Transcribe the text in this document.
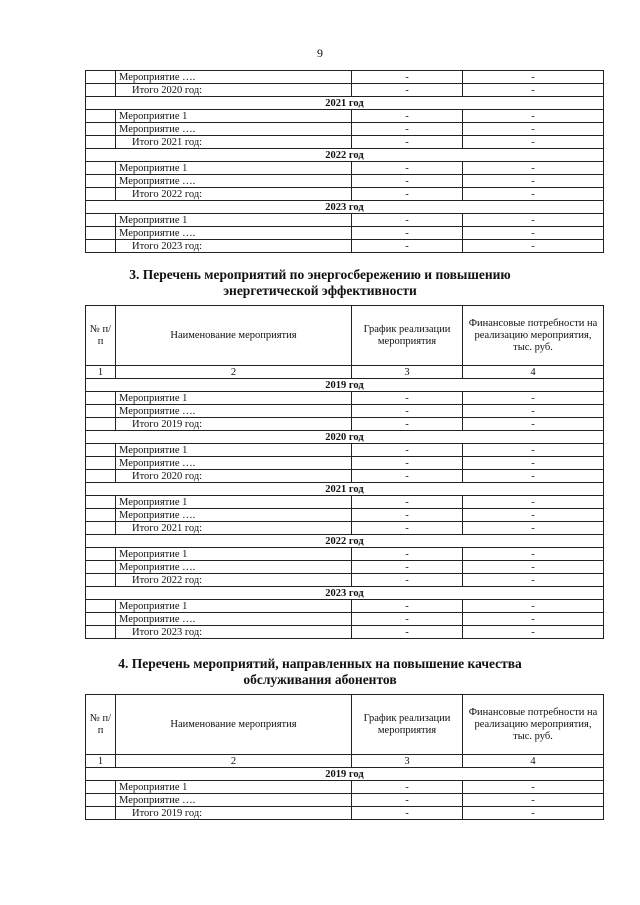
9
	Мероприятие ….	-	-
	Итого 2020 год:	-	-
2021 год			
	Мероприятие 1	-	-
	Мероприятие ….	-	-
	Итого 2021 год:	-	-
2022 год			
	Мероприятие 1	-	-
	Мероприятие ….	-	-
	Итого 2022 год:	-	-
2023 год			
	Мероприятие 1	-	-
	Мероприятие ….	-	-
	Итого 2023 год:	-	-
3. Перечень мероприятий по энергосбережению и повышению
энергетической эффективности
№ п/п	Наименование мероприятия	График реализации мероприятия	Финансовые потребности на реализацию мероприятия, тыс. руб.
1	2	3	4
2019 год			
	Мероприятие 1	-	-
	Мероприятие ….	-	-
	Итого 2019 год:	-	-
2020 год			
	Мероприятие 1	-	-
	Мероприятие ….	-	-
	Итого 2020 год:	-	-
2021 год			
	Мероприятие 1	-	-
	Мероприятие ….	-	-
	Итого 2021 год:	-	-
2022 год			
	Мероприятие 1	-	-
	Мероприятие ….	-	-
	Итого 2022 год:	-	-
2023 год			
	Мероприятие 1	-	-
	Мероприятие ….	-	-
	Итого 2023 год:	-	-
4. Перечень мероприятий, направленных на повышение качества
обслуживания абонентов
№ п/п	Наименование мероприятия	График реализации мероприятия	Финансовые потребности на реализацию мероприятия, тыс. руб.
1	2	3	4
2019 год			
	Мероприятие 1	-	-
	Мероприятие ….	-	-
	Итого 2019 год:	-	-
